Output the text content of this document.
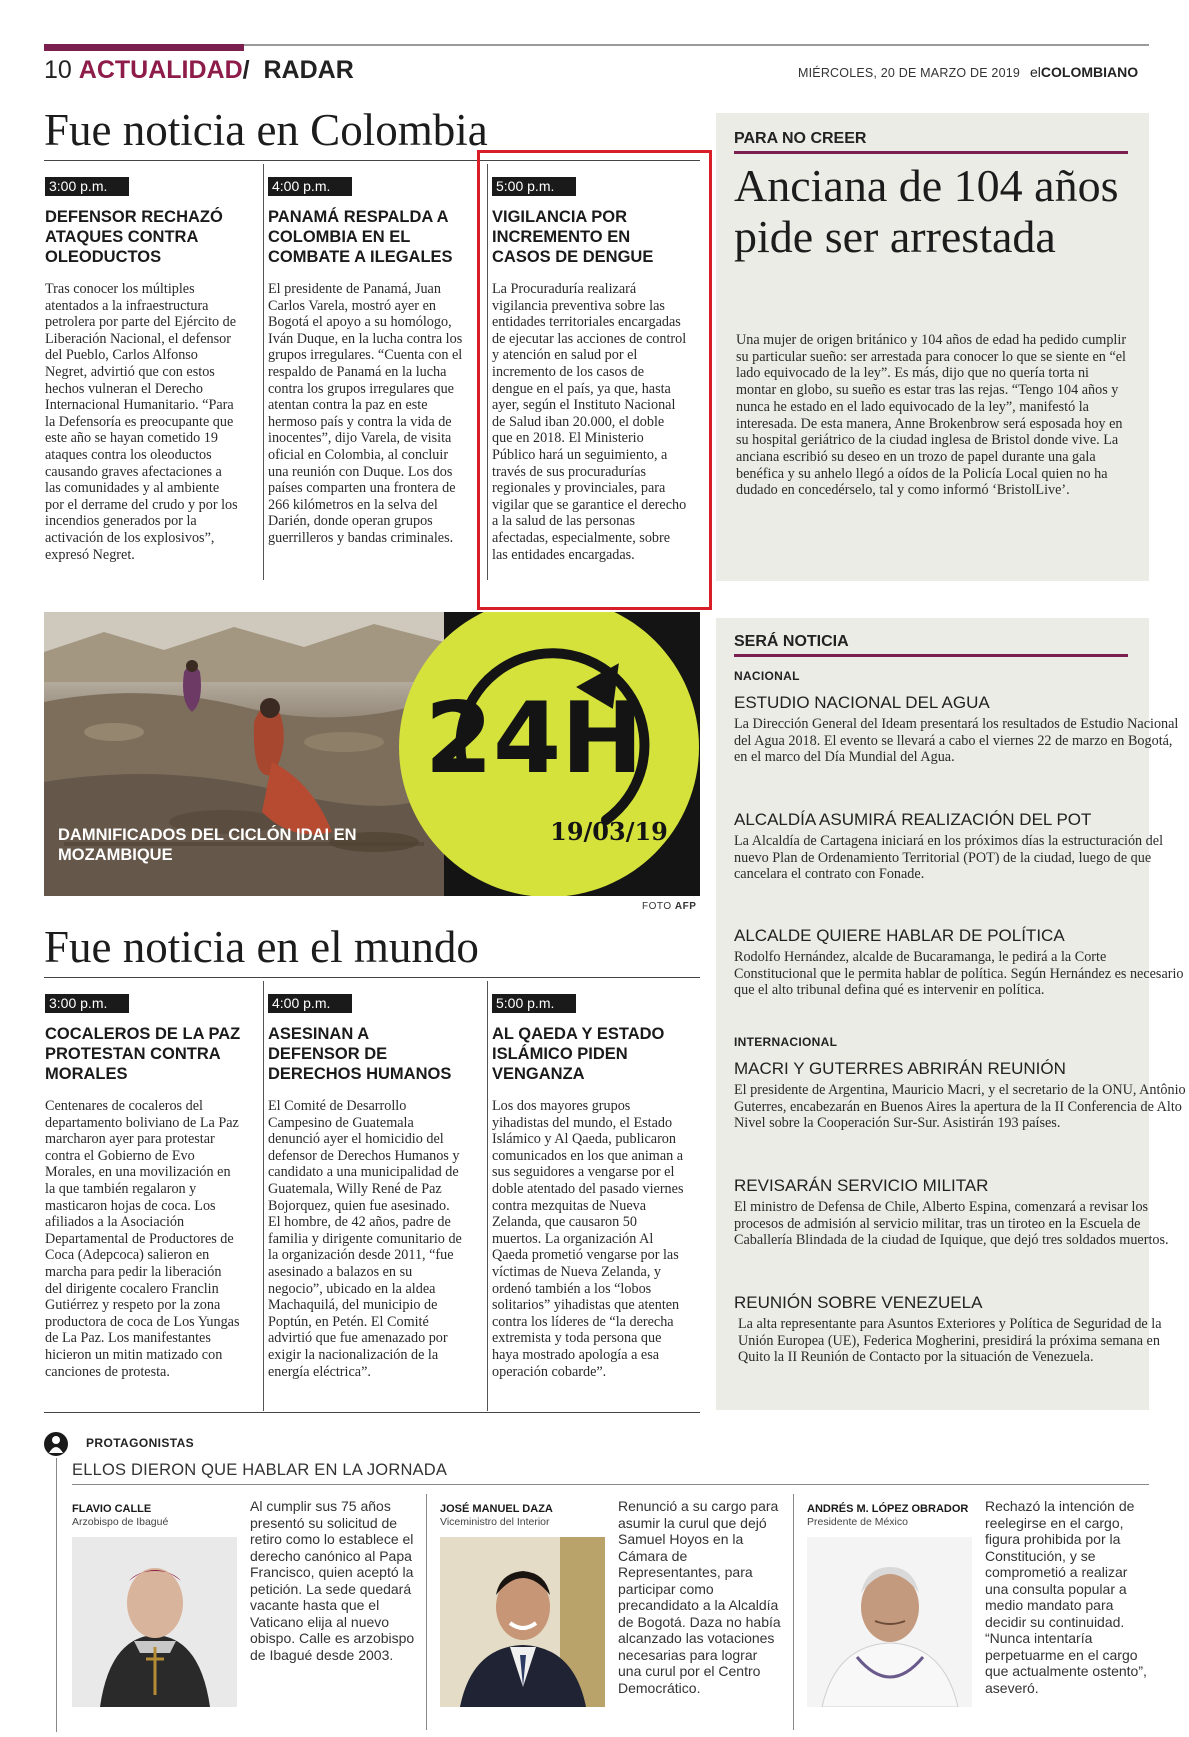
10 ACTUALIDAD/ RADAR	MIÉRCOLES, 20 DE MARZO DE 2019 elCOLOMBIANO
Fue noticia en Colombia
3:00 p.m.
DEFENSOR RECHAZÓ ATAQUES CONTRA OLEODUCTOS
Tras conocer los múltiples atentados a la infraestructura petrolera por parte del Ejército de Liberación Nacional, el defensor del Pueblo, Carlos Alfonso Negret, advirtió que con estos hechos vulneran el Derecho Internacional Humanitario. “Para la Defensoría es preocupante que este año se hayan cometido 19 ataques contra los oleoductos causando graves afectaciones a las comunidades y al ambiente por el derrame del crudo y por los incendios generados por la activación de los explosivos”, expresó Negret.
4:00 p.m.
PANAMÁ RESPALDA A COLOMBIA EN EL COMBATE A ILEGALES
El presidente de Panamá, Juan Carlos Varela, mostró ayer en Bogotá el apoyo a su homólogo, Iván Duque, en la lucha contra los grupos irregulares. “Cuenta con el respaldo de Panamá en la lucha contra los grupos irregulares que atentan contra la paz en este hermoso país y contra la vida de inocentes”, dijo Varela, de visita oficial en Colombia, al concluir una reunión con Duque. Los dos países comparten una frontera de 266 kilómetros en la selva del Darién, donde operan grupos guerrilleros y bandas criminales.
5:00 p.m.
VIGILANCIA POR INCREMENTO EN CASOS DE DENGUE
La Procuraduría realizará vigilancia preventiva sobre las entidades territoriales encargadas de ejecutar las acciones de control y atención en salud por el incremento de los casos de dengue en el país, ya que, hasta ayer, según el Instituto Nacional de Salud iban 20.000, el doble que en 2018. El Ministerio Público hará un seguimiento, a través de sus procuradurías regionales y provinciales, para vigilar que se garantice el derecho a la salud de las personas afectadas, especialmente, sobre las entidades encargadas.
PARA NO CREER
Anciana de 104 años pide ser arrestada
Una mujer de origen británico y 104 años de edad ha pedido cumplir su particular sueño: ser arrestada para conocer lo que se siente en “el lado equivocado de la ley”. Es más, dijo que no quería torta ni montar en globo, su sueño es estar tras las rejas. “Tengo 104 años y nunca he estado en el lado equivocado de la ley”, manifestó la interesada. De esta manera, Anne Brokenbrow será esposada hoy en su hospital geriátrico de la ciudad inglesa de Bristol donde vive. La anciana escribió su deseo en un trozo de papel durante una gala benéfica y su anhelo llegó a oídos de la Policía Local quien no ha dudado en concedérselo, tal y como informó ‘BristolLive’.
DAMNIFICADOS DEL CICLÓN IDAI EN MOZAMBIQUE
24H
19/03/19
FOTO AFP
SERÁ NOTICIA
NACIONAL
ESTUDIO NACIONAL DEL AGUA
La Dirección General del Ideam presentará los resultados de Estudio Nacional del Agua 2018. El evento se llevará a cabo el viernes 22 de marzo en Bogotá, en el marco del Día Mundial del Agua.
ALCALDÍA ASUMIRÁ REALIZACIÓN DEL POT
La Alcaldía de Cartagena iniciará en los próximos días la estructuración del nuevo Plan de Ordenamiento Territorial (POT) de la ciudad, luego de que cancelara el contrato con Fonade.
ALCALDE QUIERE HABLAR DE POLÍTICA
Rodolfo Hernández, alcalde de Bucaramanga, le pedirá a la Corte Constitucional que le permita hablar de política. Según Hernández es necesario que el alto tribunal defina qué es intervenir en política.
INTERNACIONAL
MACRI Y GUTERRES ABRIRÁN REUNIÓN
El presidente de Argentina, Mauricio Macri, y el secretario de la ONU, Antônio Guterres, encabezarán en Buenos Aires la apertura de la II Conferencia de Alto Nivel sobre la Cooperación Sur-Sur. Asistirán 193 países.
REVISARÁN SERVICIO MILITAR
El ministro de Defensa de Chile, Alberto Espina, comenzará a revisar los procesos de admisión al servicio militar, tras un tiroteo en la Escuela de Caballería Blindada de la ciudad de Iquique, que dejó tres soldados muertos.
REUNIÓN SOBRE VENEZUELA
La alta representante para Asuntos Exteriores y Política de Seguridad de la Unión Europea (UE), Federica Mogherini, presidirá la próxima semana en Quito la II Reunión de Contacto por la situación de Venezuela.
Fue noticia en el mundo
3:00 p.m.
COCALEROS DE LA PAZ PROTESTAN CONTRA MORALES
Centenares de cocaleros del departamento boliviano de La Paz marcharon ayer para protestar contra el Gobierno de Evo Morales, en una movilización en la que también regalaron y masticaron hojas de coca. Los afiliados a la Asociación Departamental de Productores de Coca (Adepcoca) salieron en marcha para pedir la liberación del dirigente cocalero Franclin Gutiérrez y respeto por la zona productora de coca de Los Yungas de La Paz. Los manifestantes hicieron un mitin matizado con canciones de protesta.
4:00 p.m.
ASESINAN A DEFENSOR DE DERECHOS HUMANOS
El Comité de Desarrollo Campesino de Guatemala denunció ayer el homicidio del defensor de Derechos Humanos y candidato a una municipalidad de Guatemala, Willy René de Paz Bojorquez, quien fue asesinado. El hombre, de 42 años, padre de familia y dirigente comunitario de la organización desde 2011, “fue asesinado a balazos en su negocio”, ubicado en la aldea Machaquilá, del municipio de Poptún, en Petén. El Comité advirtió que fue amenazado por exigir la nacionalización de la energía eléctrica”.
5:00 p.m.
AL QAEDA Y ESTADO ISLÁMICO PIDEN VENGANZA
Los dos mayores grupos yihadistas del mundo, el Estado Islámico y Al Qaeda, publicaron comunicados en los que animan a sus seguidores a vengarse por el doble atentado del pasado viernes contra mezquitas de Nueva Zelanda, que causaron 50 muertos. La organización Al Qaeda prometió vengarse por las víctimas de Nueva Zelanda, y ordenó también a los “lobos solitarios” yihadistas que atenten contra los líderes de “la derecha extremista y toda persona que haya mostrado apología a esa operación cobarde”.
PROTAGONISTAS
ELLOS DIERON QUE HABLAR EN LA JORNADA
FLAVIO CALLE
Arzobispo de Ibagué
Al cumplir sus 75 años presentó su solicitud de retiro como lo establece el derecho canónico al Papa Francisco, quien aceptó la petición. La sede quedará vacante hasta que el Vaticano elija al nuevo obispo. Calle es arzobispo de Ibagué desde 2003.
JOSÉ MANUEL DAZA
Viceministro del Interior
Renunció a su cargo para asumir la curul que dejó Samuel Hoyos en la Cámara de Representantes, para participar como precandidato a la Alcaldía de Bogotá. Daza no había alcanzado las votaciones necesarias para lograr una curul por el Centro Democrático.
ANDRÉS M. LÓPEZ OBRADOR
Presidente de México
Rechazó la intención de reelegirse en el cargo, figura prohibida por la Constitución, y se comprometió a realizar una consulta popular a medio mandato para decidir su continuidad. “Nunca intentaría perpetuarme en el cargo que actualmente ostento”, aseveró.
